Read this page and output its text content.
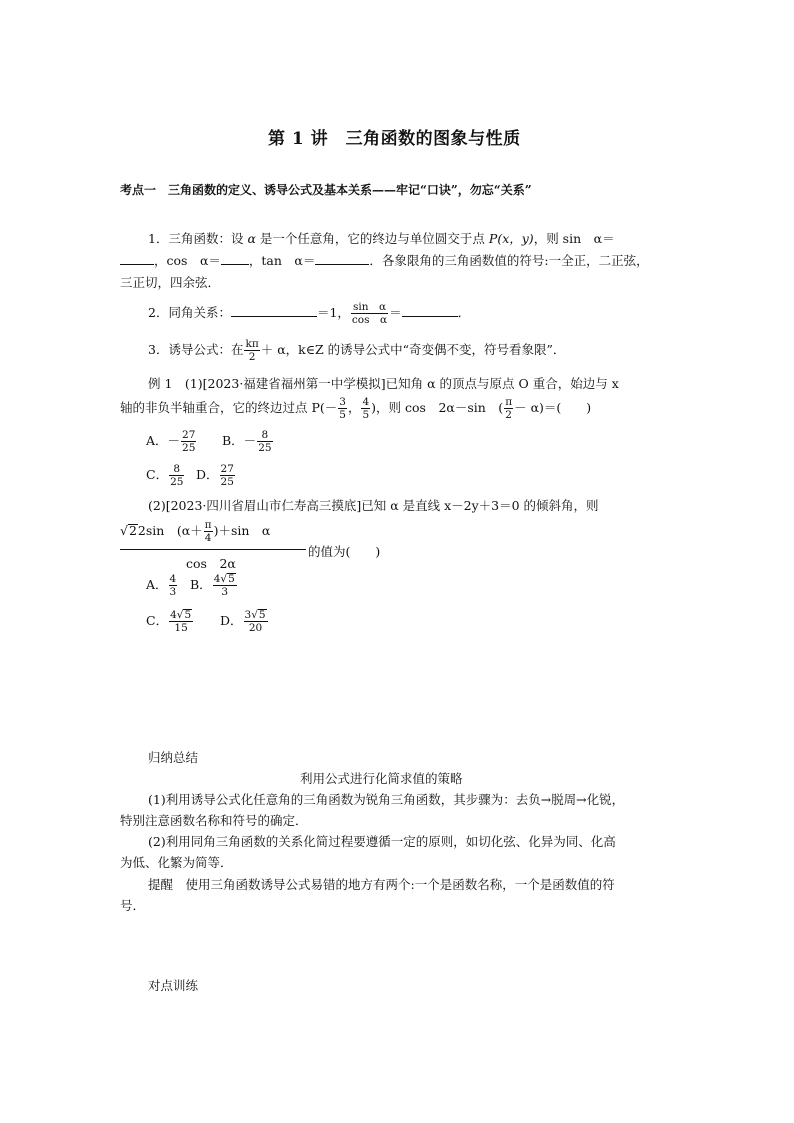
第 1 讲　三角函数的图象与性质
考点一　三角函数的定义、诱导公式及基本关系——牢记“口诀”，勿忘“关系”
1．三角函数：设 α 是一个任意角，它的终边与单位圆交于点 P(x，y)，则 sin　α＝
，cos　α＝ ，tan　α＝	．各象限角的三角函数值的符号:一全正，二正弦，
三正切，四余弦．
2．同角关系：	＝1， $\frac{\text{sin　α}}{\text{cos　α}}$ ＝	．
3．诱导公式：在 $\frac{k\pi}{2} + \alpha$，k∈Z 的诱导公式中“奇变偶不变，符号看象限”．
例 1　(1)[2023·福建省福州第一中学模拟]已知角 α 的顶点与原点 O 重合，始边与 x
轴的非负半轴重合，它的终边过点 $P(- \frac{3}{5}$ ， $\frac{4}{5}$ )，则 cos　2α－sin　( $\frac{\pi}{2} - \alpha)=$(　　)
A．－ $\frac{27}{25}$ B．－ $\frac{8}{25}$
C． $\frac{8}{25}$ D． $\frac{27}{25}$
(2)[2023·四川省眉山市仁寿高三摸底]已知 α 是直线 x－2y＋3＝0 的倾斜角，则
√22sin　$(\alpha+ \frac{\pi}{4} )+\sin$　α
cos　2α
的值为(　　)
A． $\frac{4}{3}$ B． $\frac{4√5}{3}$
C． $\frac{4√5}{15}$ D． $\frac{3√5}{20}$
归纳总结
利用公式进行化简求值的策略
(1)利用诱导公式化任意角的三角函数为锐角三角函数，其步骤为：去负→脱周→化锐，
特别注意函数名称和符号的确定．
(2)利用同角三角函数的关系化简过程要遵循一定的原则，如切化弦、化异为同、化高
为低、化繁为简等．
提醒　使用三角函数诱导公式易错的地方有两个:一个是函数名称，一个是函数值的符
号．
对点训练
